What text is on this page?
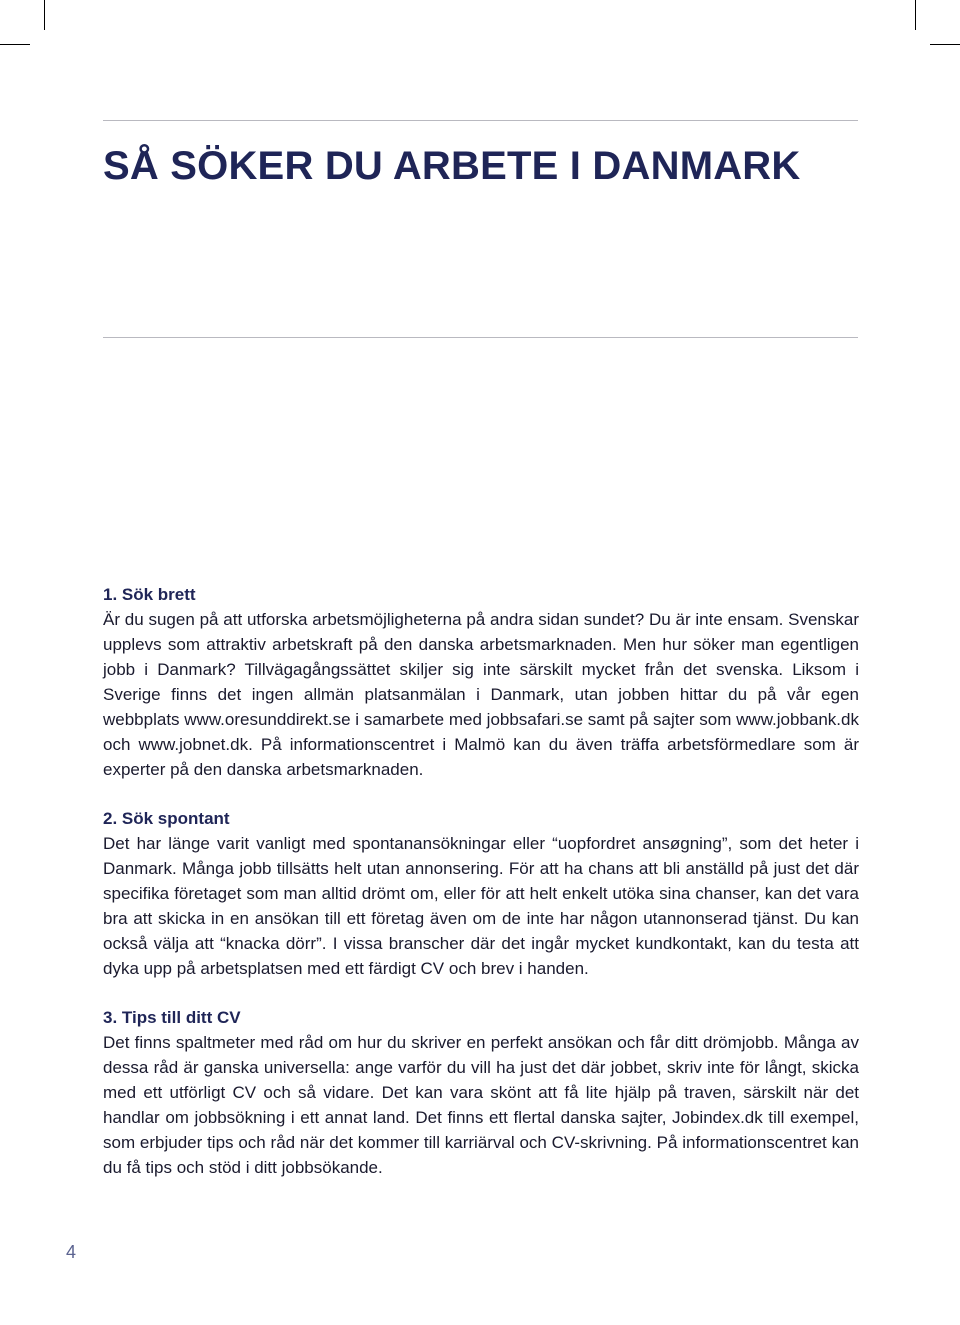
SÅ SÖKER DU ARBETE I DANMARK
1. Sök brett

Är du sugen på att utforska arbetsmöjligheterna på andra sidan sundet? Du är inte ensam. Svenskar upplevs som attraktiv arbetskraft på den danska arbetsmarknaden. Men hur söker man egentligen jobb i Danmark? Tillvägagångssättet skiljer sig inte särskilt mycket från det svenska. Liksom i Sverige finns det ingen allmän platsanmälan i Danmark, utan jobben hittar du på vår egen webbplats www.oresunddirekt.se i samarbete med jobbsafari.se samt på sajter som www.jobbank.dk och www.jobnet.dk. På informationscentret i Malmö kan du även träffa arbetsförmedlare som är experter på den danska arbetsmarknaden.

2. Sök spontant

Det har länge varit vanligt med spontanansökningar eller “uopfordret ansøgning”, som det heter i Danmark. Många jobb tillsätts helt utan annonsering. För att ha chans att bli anställd på just det där specifika företaget som man alltid drömt om, eller för att helt enkelt utöka sina chanser, kan det vara bra att skicka in en ansökan till ett företag även om de inte har någon utannonserad tjänst. Du kan också välja att “knacka dörr”. I vissa branscher där det ingår mycket kundkontakt, kan du testa att dyka upp på arbetsplatsen med ett färdigt CV och brev i handen.

3. Tips till ditt CV

Det finns spaltmeter med råd om hur du skriver en perfekt ansökan och får ditt drömjobb. Många av dessa råd är ganska universella: ange varför du vill ha just det där jobbet, skriv inte för långt, skicka med ett utförligt CV och så vidare. Det kan vara skönt att få lite hjälp på traven, särskilt när det handlar om jobbsökning i ett annat land. Det finns ett flertal danska sajter, Jobindex.dk till exempel, som erbjuder tips och råd när det kommer till karriärval och CV-skrivning. På informationscentret kan du få tips och stöd i ditt jobbsökande.

4
